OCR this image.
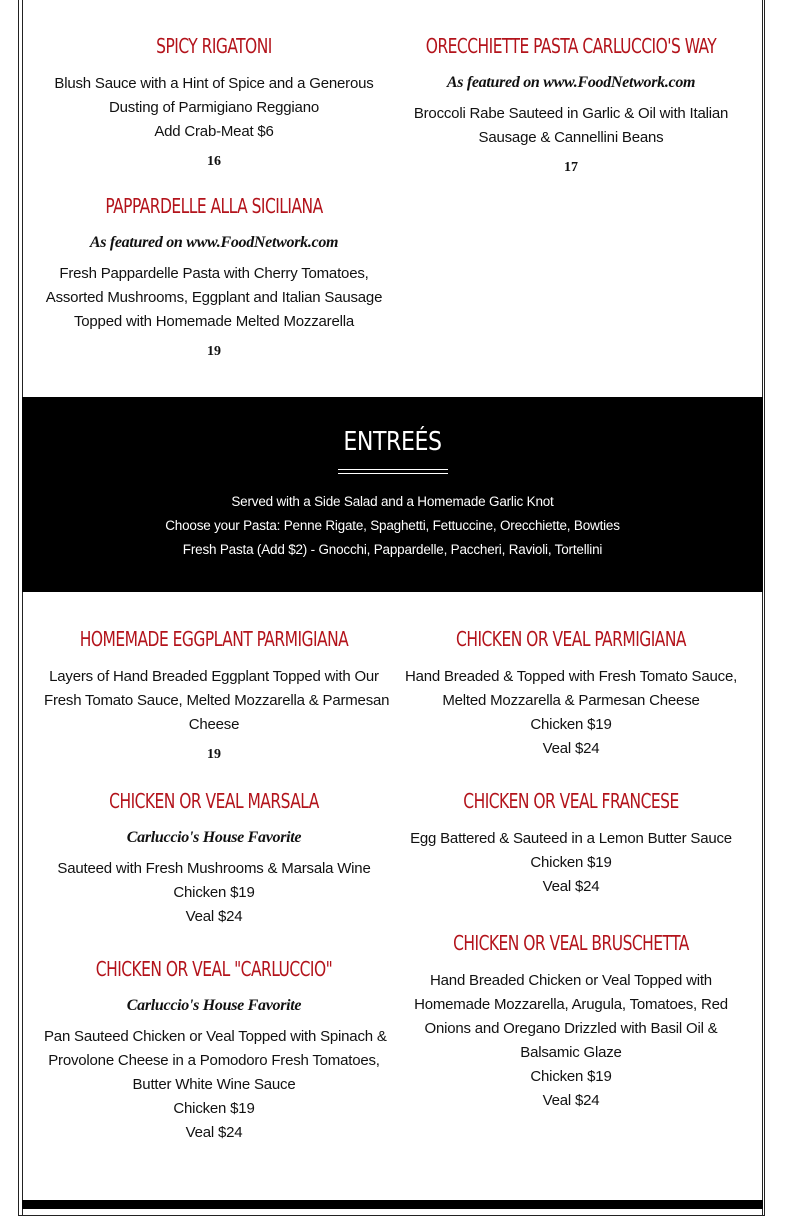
SPICY RIGATONI
Blush Sauce with a Hint of Spice and a Generous
Dusting of Parmigiano Reggiano
Add Crab-Meat $6
16
PAPPARDELLE ALLA SICILIANA
As featured on www.FoodNetwork.com
Fresh Pappardelle Pasta with Cherry Tomatoes,
Assorted Mushrooms, Eggplant and Italian Sausage
Topped with Homemade Melted Mozzarella
19
ORECCHIETTE PASTA CARLUCCIO'S WAY
As featured on www.FoodNetwork.com
Broccoli Rabe Sauteed in Garlic & Oil with Italian
Sausage & Cannellini Beans
17
ENTREÉS
Served with a Side Salad and a Homemade Garlic Knot
Choose your Pasta: Penne Rigate, Spaghetti, Fettuccine, Orecchiette, Bowties
Fresh Pasta (Add $2) - Gnocchi, Pappardelle, Paccheri, Ravioli, Tortellini
HOMEMADE EGGPLANT PARMIGIANA
Layers of Hand Breaded Eggplant Topped with Our
Fresh Tomato Sauce, Melted Mozzarella & Parmesan
Cheese
19
CHICKEN OR VEAL MARSALA
Carluccio's House Favorite
Sauteed with Fresh Mushrooms & Marsala Wine
Chicken $19
Veal $24
CHICKEN OR VEAL "CARLUCCIO"
Carluccio's House Favorite
Pan Sauteed Chicken or Veal Topped with Spinach &
Provolone Cheese in a Pomodoro Fresh Tomatoes,
Butter White Wine Sauce
Chicken $19
Veal $24
CHICKEN OR VEAL PARMIGIANA
Hand Breaded & Topped with Fresh Tomato Sauce,
Melted Mozzarella & Parmesan Cheese
Chicken $19
Veal $24
CHICKEN OR VEAL FRANCESE
Egg Battered & Sauteed in a Lemon Butter Sauce
Chicken $19
Veal $24
CHICKEN OR VEAL BRUSCHETTA
Hand Breaded Chicken or Veal Topped with
Homemade Mozzarella, Arugula, Tomatoes, Red
Onions and Oregano Drizzled with Basil Oil &
Balsamic Glaze
Chicken $19
Veal $24
